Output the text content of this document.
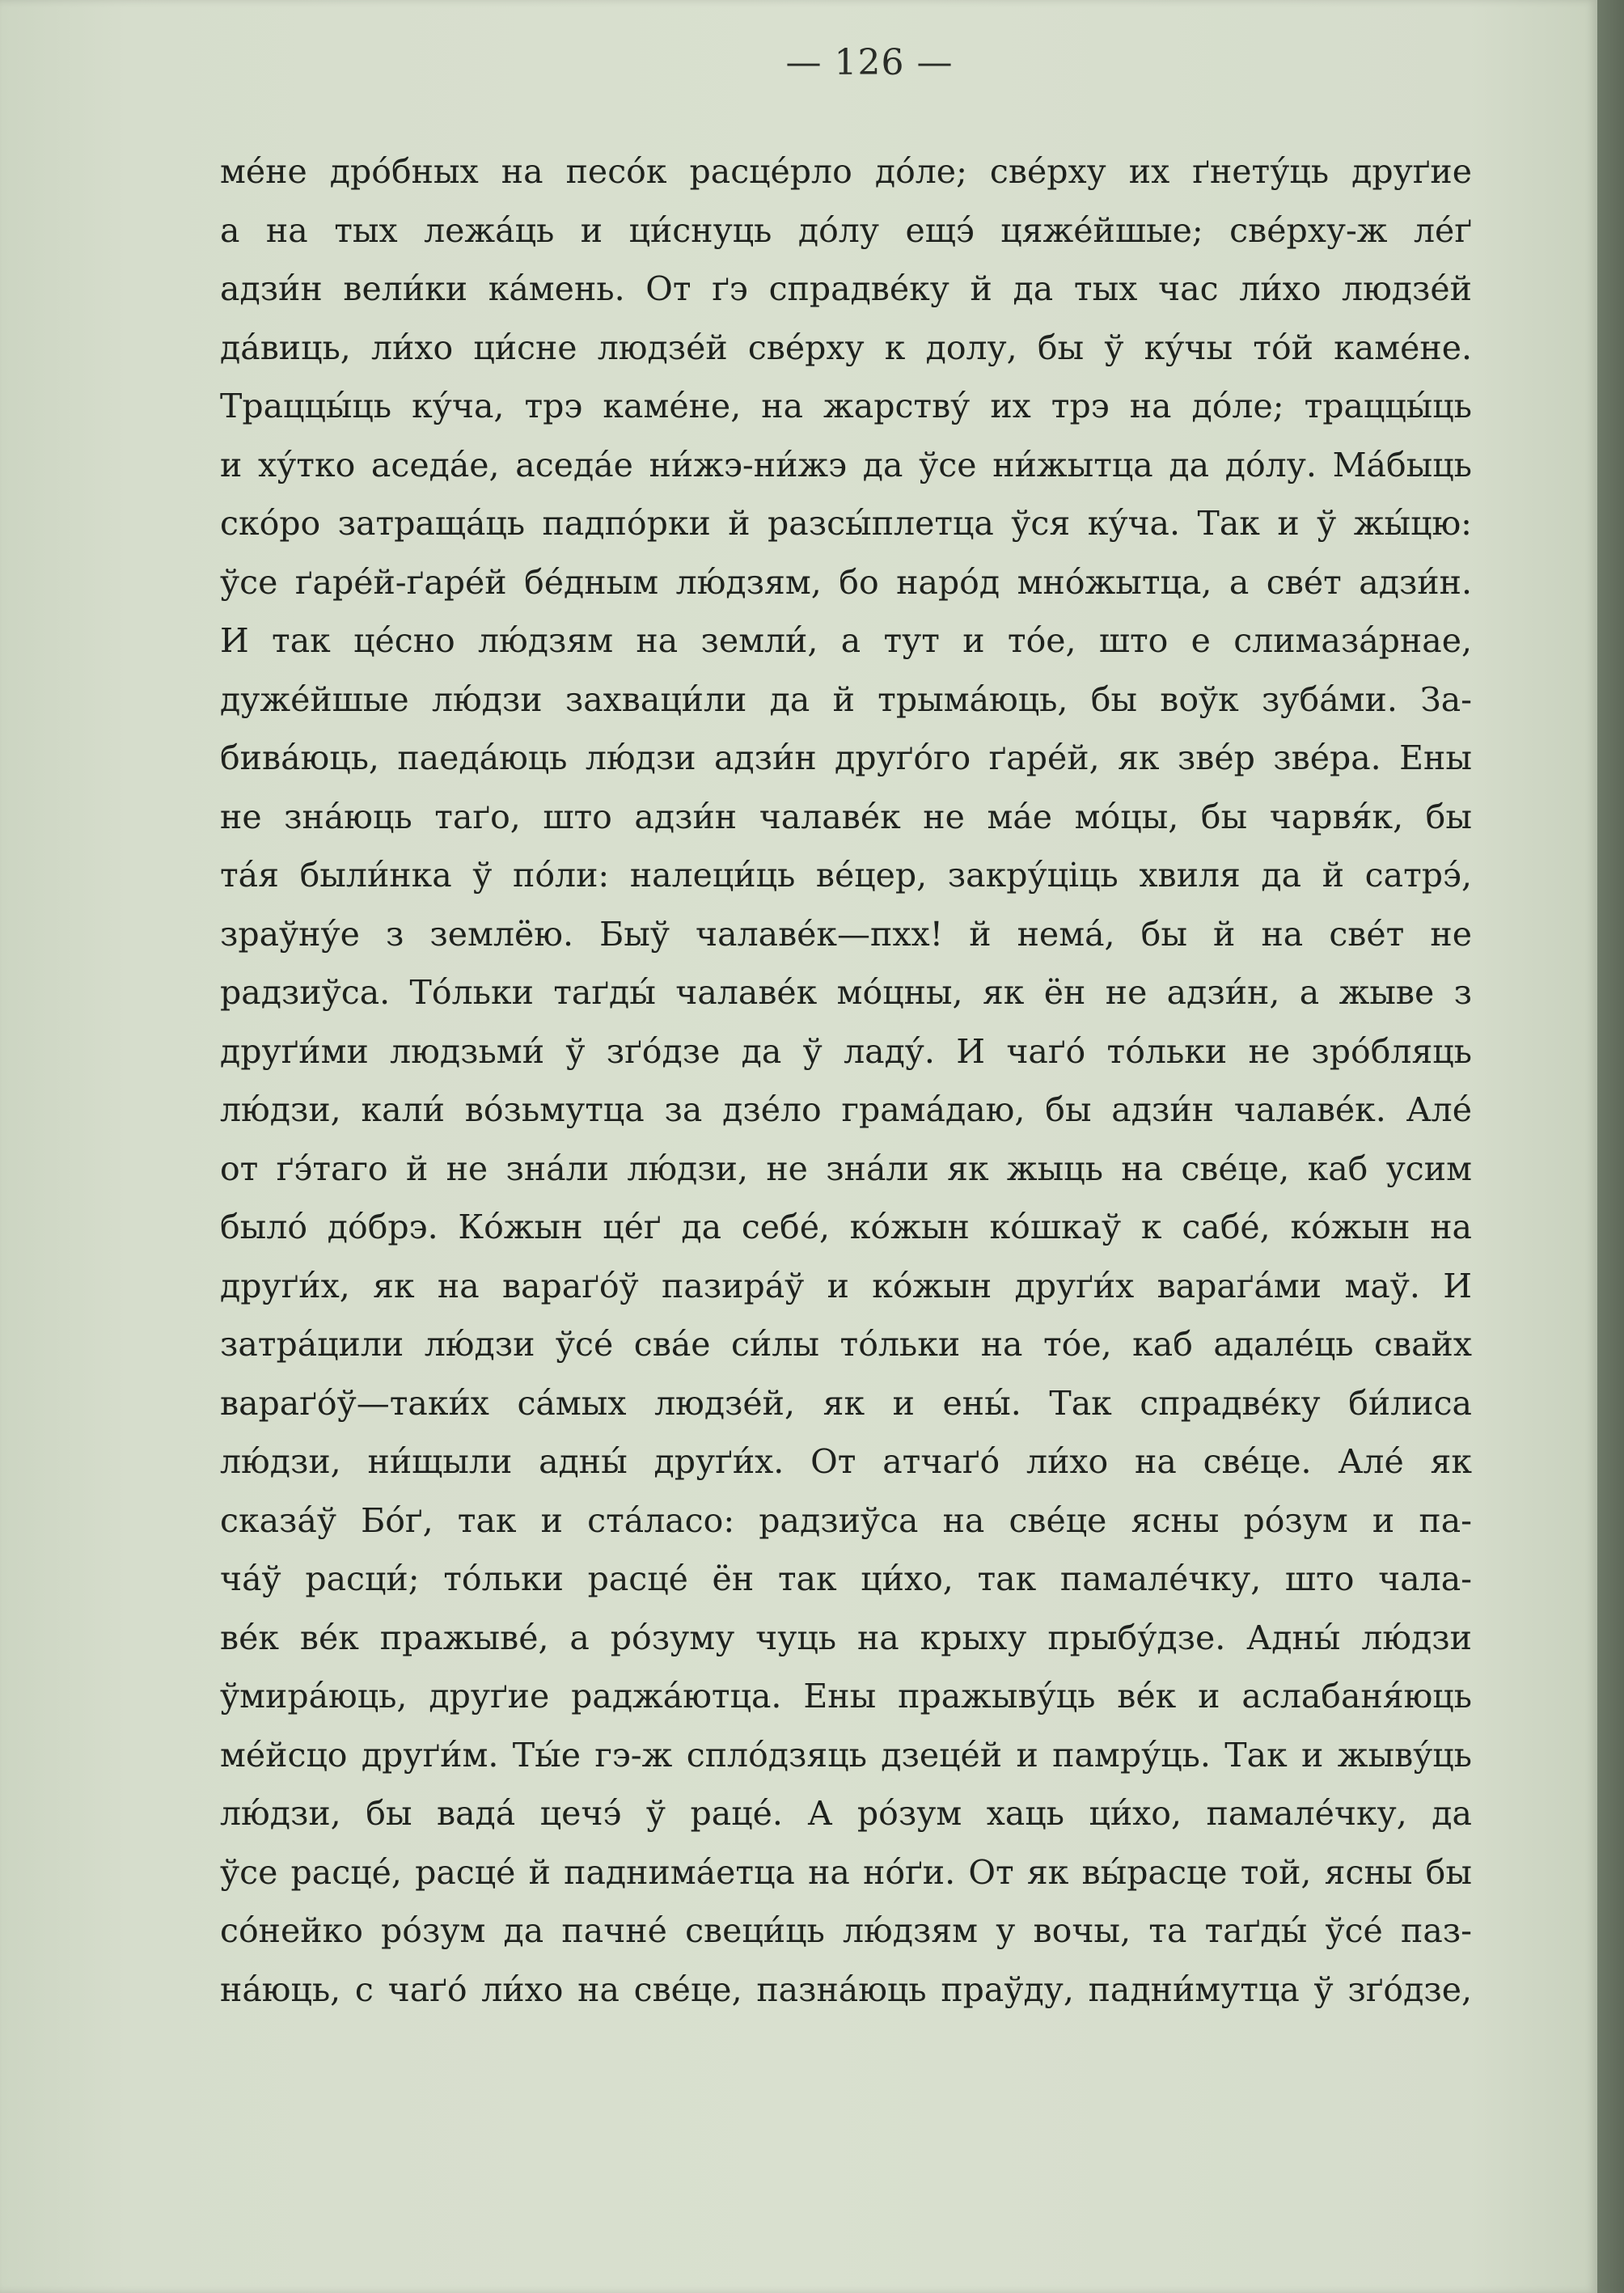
— 126 —
ме́не дро́бных на песо́к расце́рло до́ле; све́рху их ґнету́ць друґие
а на тых лежа́ць и ци́снуць до́лу ещэ́ цяже́йшые; све́рху-ж ле́ґ
адзи́н вели́ки ка́мень. От ґэ спрадве́ку й да тых час ли́хо людзе́й
да́виць, ли́хо ци́сне людзе́й све́рху к долу, бы ў ку́чы то́й каме́не.
Траццы́ць ку́ча, трэ каме́не, на жарству́ их трэ на до́ле; траццы́ць
и ху́тко аседа́е, аседа́е ни́жэ-ни́жэ да ўсе ни́жытца да до́лу. Ма́быць
ско́ро затраща́ць падпо́рки й разсы́плетца ўся ку́ча. Так и ў жы́цю:
ўсе ґаре́й-ґаре́й бе́дным лю́дзям, бо наро́д мно́жытца, а све́т адзи́н.
И так це́сно лю́дзям на земли́, а тут и то́е, што е слимаза́рнае,
дуже́йшые лю́дзи захваци́ли да й трыма́юць, бы воўк зуба́ми. За-
бива́юць, паеда́юць лю́дзи адзи́н друґо́го ґаре́й, як зве́р зве́ра. Ены
не зна́юць таґо, што адзи́н чалаве́к не ма́е мо́цы, бы чарвя́к, бы
та́я были́нка ў по́ли: налеци́ць ве́цер, закру́ціць хвиля да й сатрэ́,
зраўну́е з землёю. Быў чалаве́к—пхх! й нема́, бы й на све́т не
радзиўса. То́льки таґды́ чалаве́к мо́цны, як ён не адзи́н, а жыве з
друґи́ми людзьми́ ў зґо́дзе да ў ладу́. И чаґо́ то́льки не зро́бляць
лю́дзи, кали́ во́зьмутца за дзе́ло грама́даю, бы адзи́н чалаве́к. Але́
от ґэ́таго й не зна́ли лю́дзи, не зна́ли як жыць на све́це, каб усим
было́ до́брэ. Ко́жын це́ґ да себе́, ко́жын ко́шкаў к сабе́, ко́жын на
друґи́х, як на вараґо́ў пазира́ў и ко́жын друґи́х вараґа́ми маў. И
затра́цили лю́дзи ўсе́ сва́е си́лы то́льки на то́е, каб адале́ць свайх
вараґо́ў—таки́х са́мых людзе́й, як и ены́. Так спрадве́ку би́лиса
лю́дзи, ни́щыли адны́ друґи́х. От атчаґо́ ли́хо на све́це. Але́ як
сказа́ў Бо́ґ, так и ста́ласо: радзиўса на све́це ясны ро́зум и па-
ча́ў расци́; то́льки расце́ ён так ци́хо, так памале́чку, што чала-
ве́к ве́к пражыве́, а ро́зуму чуць на крыху прыбу́дзе. Адны́ лю́дзи
ўмира́юць, друґие раджа́ютца. Ены пражыву́ць ве́к и аслабаня́юць
ме́йсцо друґи́м. Ты́е гэ-ж спло́дзяць дзеце́й и памру́ць. Так и жыву́ць
лю́дзи, бы вада́ цечэ́ ў раце́. А ро́зум хаць ци́хо, памале́чку, да
ўсе расце́, расце́ й паднима́етца на но́ґи. От як вы́расце той, ясны бы
со́нейко ро́зум да пачне́ свеци́ць лю́дзям у вочы, та таґды́ ўсе́ паз-
на́юць, с чаґо́ ли́хо на све́це, пазна́юць праўду, падни́мутца ў зґо́дзе,
